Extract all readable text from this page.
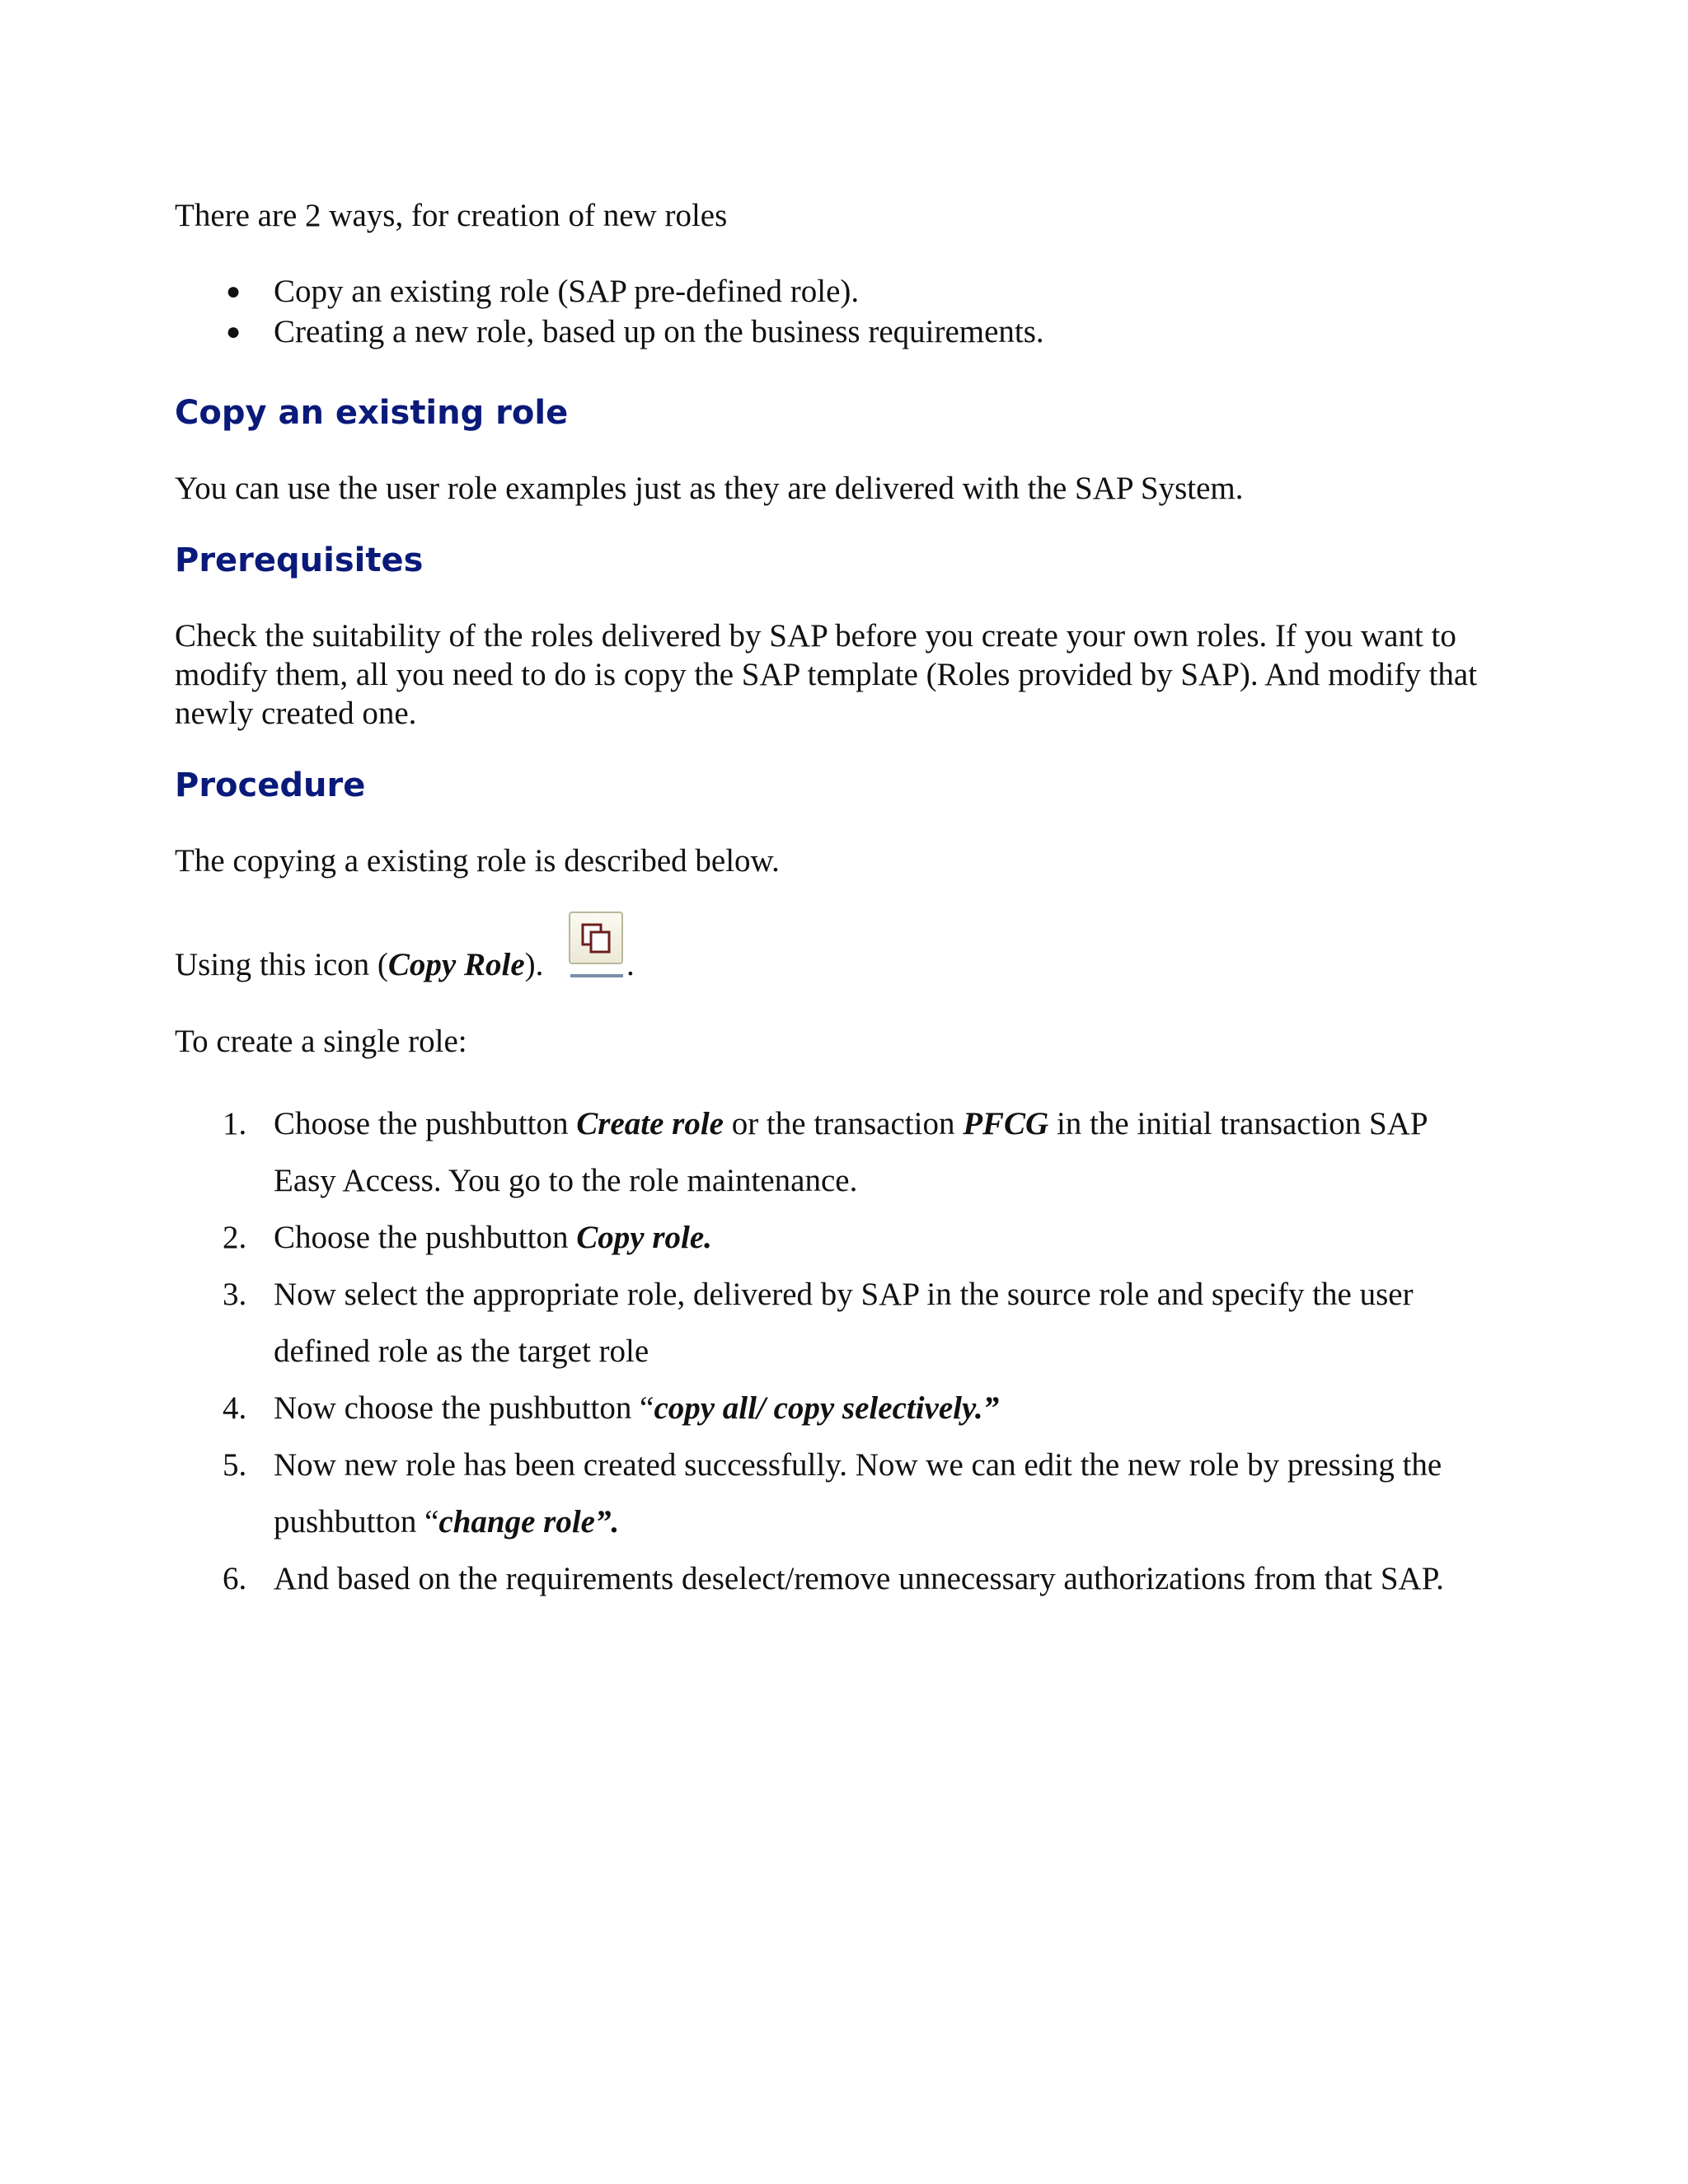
There are 2 ways, for creation of new roles

● Copy an existing role (SAP pre-defined role).
● Creating a new role, based up on the business requirements.
Copy an existing role

You can use the user role examples just as they are delivered with the SAP System.

Prerequisites

Check the suitability of the roles delivered by SAP before you create your own roles. If you want to modify them, all you need to do is copy the SAP template (Roles provided by SAP). And modify that newly created one.

Procedure

The copying a existing role is described below.

Using this icon (Copy Role).	.

To create a single role:

1. Choose the pushbutton Create role or the transaction PFCG in the initial transaction SAP Easy Access. You go to the role maintenance.
2. Choose the pushbutton Copy role.
3. Now select the appropriate role, delivered by SAP in the source role and specify the user defined role as the target role
4. Now choose the pushbutton “copy all/ copy selectively.”
5. Now new role has been created successfully. Now we can edit the new role by pressing the pushbutton “change role”.
6. And based on the requirements deselect/remove unnecessary authorizations from that SAP.
